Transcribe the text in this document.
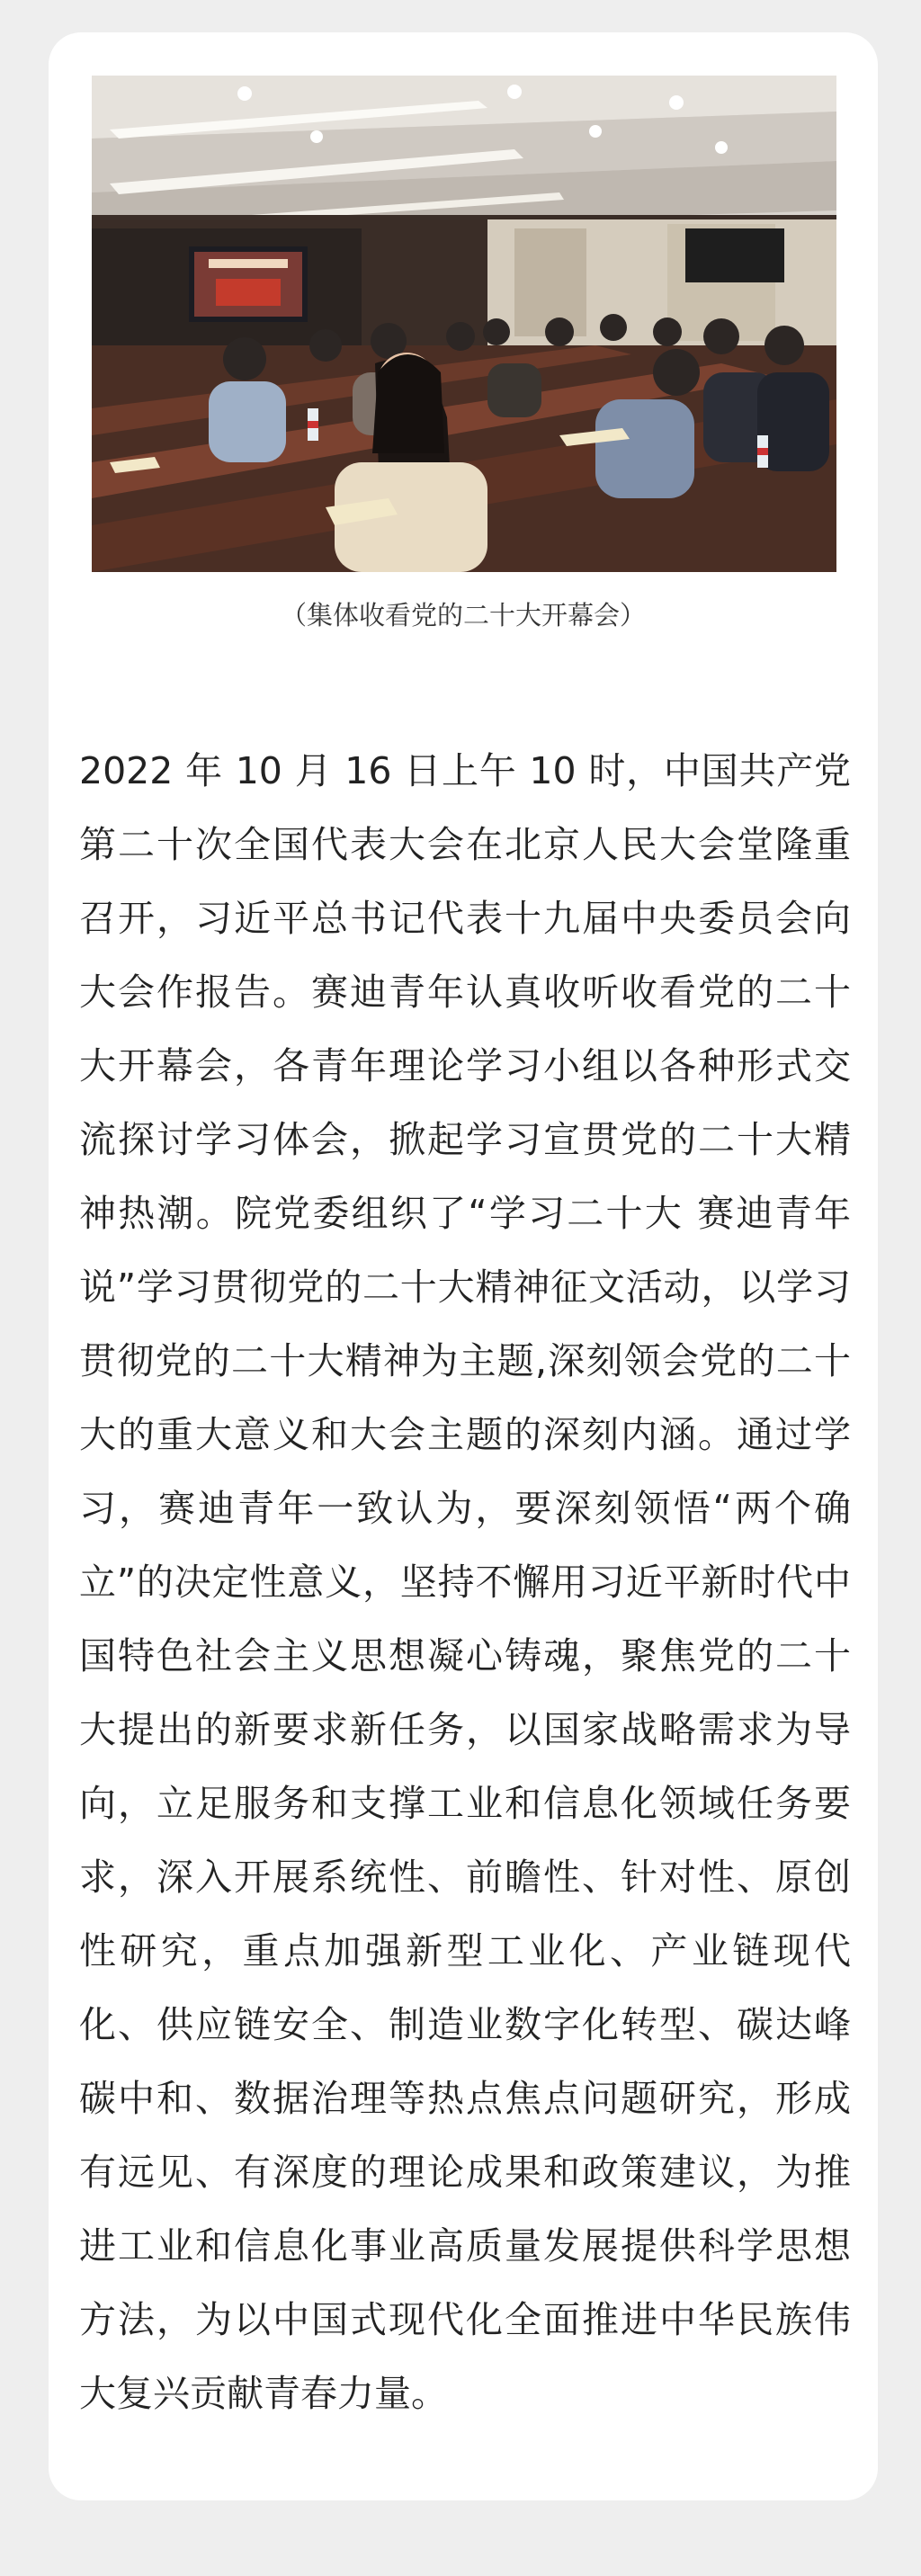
（集体收看党的二十大开幕会）
2022 年 10 月 16 日上午 10 时，中国共产党第二十次全国代表大会在北京人民大会堂隆重召开，习近平总书记代表十九届中央委员会向大会作报告。赛迪青年认真收听收看党的二十大开幕会，各青年理论学习小组以各种形式交流探讨学习体会，掀起学习宣贯党的二十大精神热潮。院党委组织了“学习二十大 赛迪青年说”学习贯彻党的二十大精神征文活动，以学习贯彻党的二十大精神为主题,深刻领会党的二十大的重大意义和大会主题的深刻内涵。通过学习，赛迪青年一致认为，要深刻领悟“两个确立”的决定性意义，坚持不懈用习近平新时代中国特色社会主义思想凝心铸魂，聚焦党的二十大提出的新要求新任务，以国家战略需求为导向，立足服务和支撑工业和信息化领域任务要求，深入开展系统性、前瞻性、针对性、原创性研究，重点加强新型工业化、产业链现代化、供应链安全、制造业数字化转型、碳达峰碳中和、数据治理等热点焦点问题研究，形成有远见、有深度的理论成果和政策建议，为推进工业和信息化事业高质量发展提供科学思想方法，为以中国式现代化全面推进中华民族伟大复兴贡献青春力量。
